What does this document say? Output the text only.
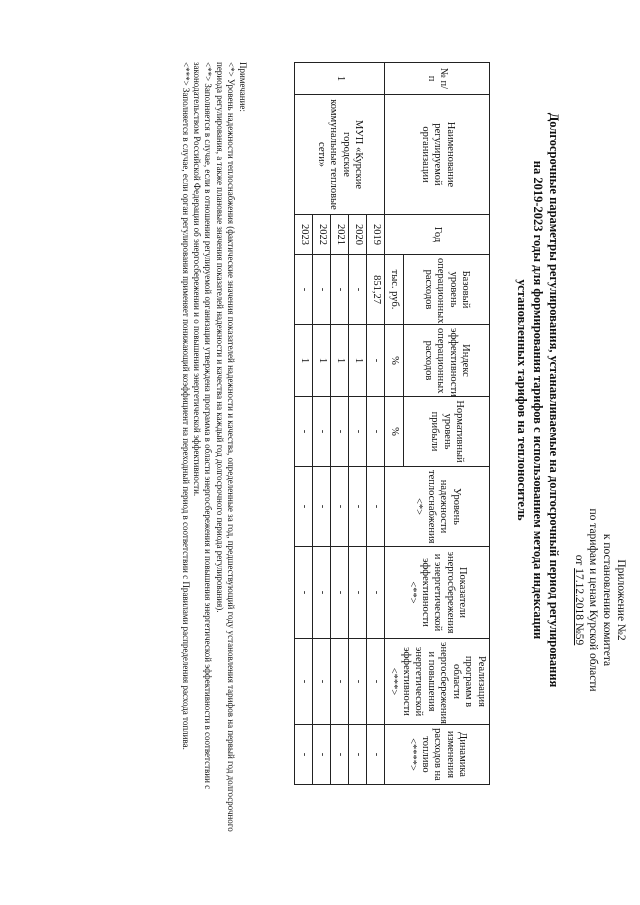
Приложение №2
к постановлению комитета
по тарифам и ценам Курской области
от 17.12.2018 №59
Долгосрочные параметры регулирования, устанавливаемые на долгосрочный период регулирования
на 2019-2023 годы для формирования тарифов с использованием метода индексации
установленных тарифов на теплоноситель
№ п/п	Наименование регулируемой организации	Год	Базовый уровень операционных расходов	Индекс эффективности операционных расходов	Нормативный уровень прибыли	Уровень надежности теплоснабжения <*>	Показатели энергосбережения и энергетической эффективности <**>	Реализация программ в области энергосбережения и повышения энергетической эффективности <***>	Динамика изменения расходов на топливо <****>
			тыс. руб.	%	%				
1	МУП «Курские городские коммунальные тепловые сети»	2019	851,27	-	-	-	-	-	-
		2020	-	1	-	-	-	-	-
		2021	-	1	-	-	-	-	-
		2022	-	1	-	-	-	-	-
		2023	-	1	-	-	-	-	-

Примечание:

<*> Уровень надежности теплоснабжения (фактические значения показателей надежности и качества, определенные за год, предшествующий году установления тарифов на первый год долгосрочного периода регулирования, а также плановые значения показателей надежности и качества на каждый год долгосрочного периода регулирования).

<**> Заполняется в случае, если в отношении регулируемой организации утверждена программа в области энергосбережения и повышения энергетической эффективности в соответствии с законодательством Российской Федерации об энергосбережении и о повышении энергетической эффективности.

<***> Заполняется в случае, если орган регулирования применяет понижающий коэффициент на переходный период в соответствии с Правилами распределения расхода топлива.
